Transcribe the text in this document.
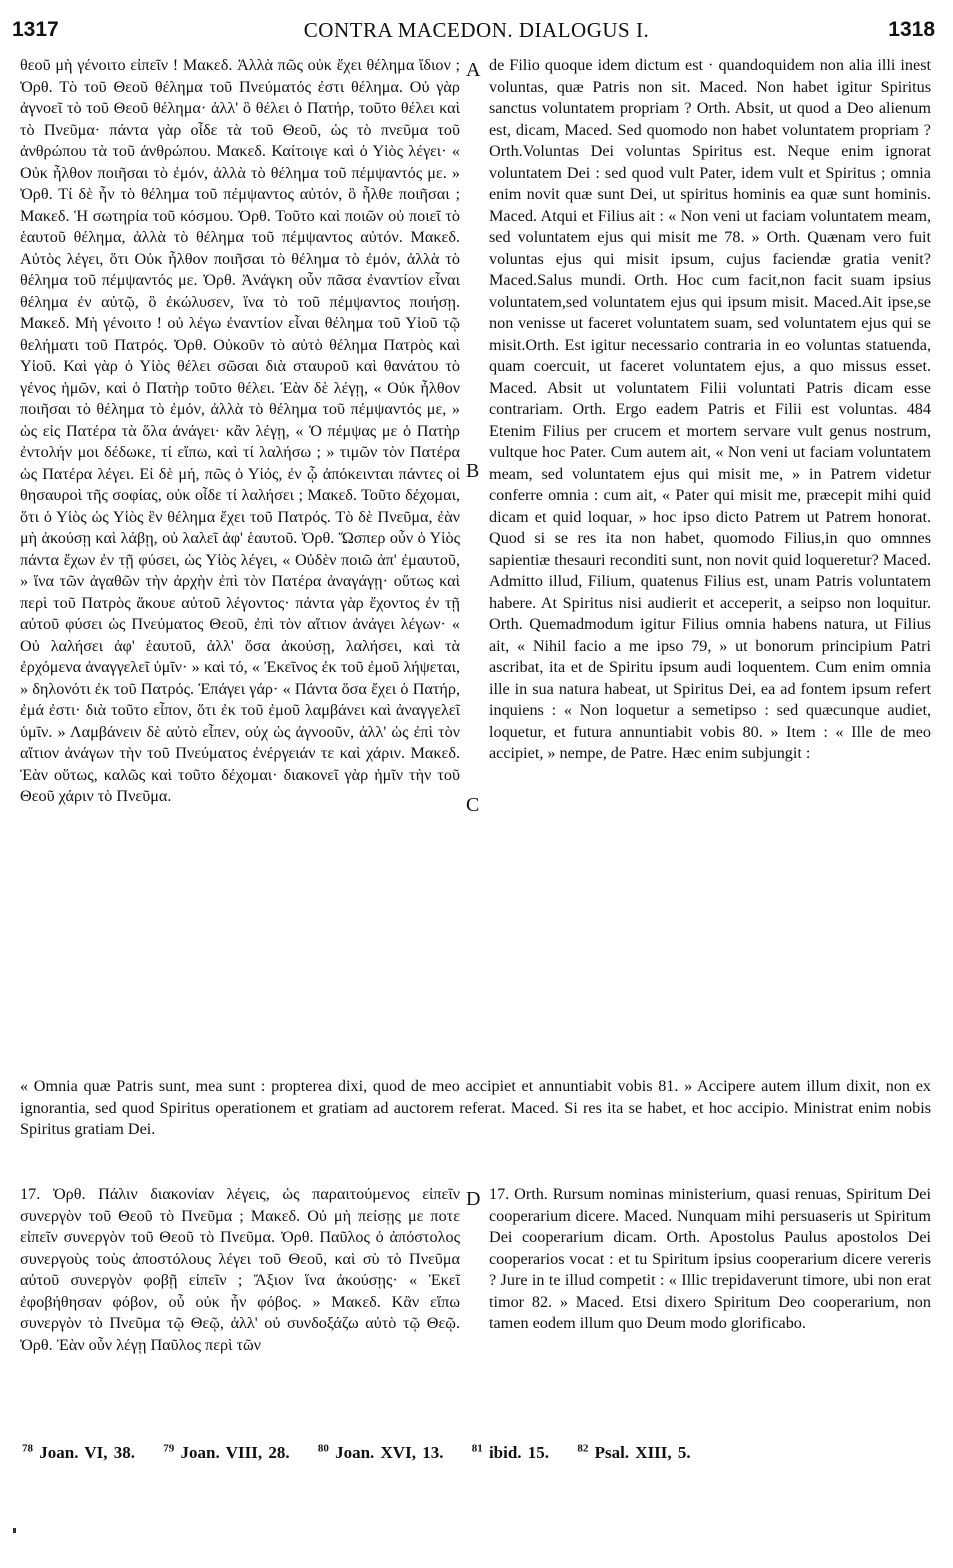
1317	CONTRA MACEDON. DIALOGUS I.	1318

θεοῦ μὴ γένοιτο εἰπεῖν ! Μακεδ. Ἀλλὰ πῶς οὐκ ἔχει θέλημα ἴδιον ; Ὀρθ. Τὸ τοῦ Θεοῦ θέλημα τοῦ Πνεύματός ἐστι θέλημα. Οὐ γὰρ ἀγνοεῖ τὸ τοῦ Θεοῦ θέλημα· ἀλλ' ὃ θέλει ὁ Πατήρ, τοῦτο θέλει καὶ τὸ Πνεῦμα· πάντα γὰρ οἶδε τὰ τοῦ Θεοῦ, ὡς τὸ πνεῦμα τοῦ ἀνθρώπου τὰ τοῦ ἀνθρώπου. Μακεδ. Καίτοιγε καὶ ὁ Υἱὸς λέγει· « Οὐκ ἦλθον ποιῆσαι τὸ ἐμόν, ἀλλὰ τὸ θέλημα τοῦ πέμψαντός με. » Ὀρθ. Τί δὲ ἦν τὸ θέλημα τοῦ πέμψαντος αὐτόν, ὃ ἦλθε ποιῆσαι ; Μακεδ. Ἡ σωτηρία τοῦ κόσμου. Ὀρθ. Τοῦτο καὶ ποιῶν οὐ ποιεῖ τὸ ἑαυτοῦ θέλημα, ἀλλὰ τὸ θέλημα τοῦ πέμψαντος αὐτόν. Μακεδ. Αὐτὸς λέγει, ὅτι Οὐκ ἦλθον ποιῆσαι τὸ θέλημα τὸ ἐμόν, ἀλλὰ τὸ θέλημα τοῦ πέμψαντός με. Ὀρθ. Ἀνάγκη οὖν πᾶσα ἐναντίον εἶναι θέλημα ἐν αὐτῷ, ὃ ἐκώλυσεν, ἵνα τὸ τοῦ πέμψαντος ποιήσῃ. Μακεδ. Μὴ γένοιτο ! οὐ λέγω ἐναντίον εἶναι θέλημα τοῦ Υἱοῦ τῷ θελήματι τοῦ Πατρός. Ὀρθ. Οὐκοῦν τὸ αὐτὸ θέλημα Πατρὸς καὶ Υἱοῦ. Καὶ γὰρ ὁ Υἱὸς θέλει σῶσαι διὰ σταυροῦ καὶ θανάτου τὸ γένος ἡμῶν, καὶ ὁ Πατὴρ τοῦτο θέλει. Ἐὰν δὲ λέγῃ, « Οὐκ ἦλθον ποιῆσαι τὸ θέλημα τὸ ἐμόν, ἀλλὰ τὸ θέλημα τοῦ πέμψαντός με, » ὡς εἰς Πατέρα τὰ ὅλα ἀνάγει· κἂν λέγῃ, « Ὁ πέμψας με ὁ Πατὴρ ἐντολήν μοι δέδωκε, τί εἴπω, καὶ τί λαλήσω ; » τιμῶν τὸν Πατέρα ὡς Πατέρα λέγει. Εἰ δὲ μή, πῶς ὁ Υἱός, ἐν ᾧ ἀπόκεινται πάντες οἱ θησαυροὶ τῆς σοφίας, οὐκ οἶδε τί λαλήσει ; Μακεδ. Τοῦτο δέχομαι, ὅτι ὁ Υἱὸς ὡς Υἱὸς ἓν θέλημα ἔχει τοῦ Πατρός. Τὸ δὲ Πνεῦμα, ἐὰν μὴ ἀκούσῃ καὶ λάβῃ, οὐ λαλεῖ ἀφ' ἑαυτοῦ. Ὀρθ. Ὥσπερ οὖν ὁ Υἱὸς πάντα ἔχων ἐν τῇ φύσει, ὡς Υἱὸς λέγει, « Οὐδὲν ποιῶ ἀπ' ἐμαυτοῦ, » ἵνα τῶν ἀγαθῶν τὴν ἀρχὴν ἐπὶ τὸν Πατέρα ἀναγάγῃ· οὕτως καὶ περὶ τοῦ Πατρὸς ἄκουε αὐτοῦ λέγοντος· πάντα γὰρ ἔχοντος ἐν τῇ αὐτοῦ φύσει ὡς Πνεύματος Θεοῦ, ἐπὶ τὸν αἴτιον ἀνάγει λέγων· « Οὐ λαλήσει ἀφ' ἑαυτοῦ, ἀλλ' ὅσα ἀκούσῃ, λαλήσει, καὶ τὰ ἐρχόμενα ἀναγγελεῖ ὑμῖν· » καὶ τό, « Ἐκεῖνος ἐκ τοῦ ἐμοῦ λήψεται, » δηλονότι ἐκ τοῦ Πατρός. Ἐπάγει γάρ· « Πάντα ὅσα ἔχει ὁ Πατήρ, ἐμά ἐστι· διὰ τοῦτο εἶπον, ὅτι ἐκ τοῦ ἐμοῦ λαμβάνει καὶ ἀναγγελεῖ ὑμῖν. » Λαμβάνειν δὲ αὐτὸ εἶπεν, οὐχ ὡς ἀγνοοῦν, ἀλλ' ὡς ἐπὶ τὸν αἴτιον ἀνάγων τὴν τοῦ Πνεύματος ἐνέργειάν τε καὶ χάριν. Μακεδ. Ἐὰν οὕτως, καλῶς καὶ τοῦτο δέχομαι· διακονεῖ γὰρ ἡμῖν τὴν τοῦ Θεοῦ χάριν τὸ Πνεῦμα.

de Filio quoque idem dictum est · quandoquidem non alia illi inest voluntas, quæ Patris non sit. Maced. Non habet igitur Spiritus sanctus voluntatem propriam ? Orth. Absit, ut quod a Deo alienum est, dicam, Maced. Sed quomodo non habet voluntatem propriam ? Orth.Voluntas Dei voluntas Spiritus est. Neque enim ignorat voluntatem Dei : sed quod vult Pater, idem vult et Spiritus ; omnia enim novit quæ sunt Dei, ut spiritus hominis ea quæ sunt hominis. Maced. Atqui et Filius ait : « Non veni ut faciam voluntatem meam, sed voluntatem ejus qui misit me 78. » Orth. Quænam vero fuit voluntas ejus qui misit ipsum, cujus faciendæ gratia venit?Maced.Salus mundi. Orth. Hoc cum facit,non facit suam ipsius voluntatem,sed voluntatem ejus qui ipsum misit. Maced.Ait ipse,se non venisse ut faceret voluntatem suam, sed voluntatem ejus qui se misit.Orth. Est igitur necessario contraria in eo voluntas statuenda, quam coercuit, ut faceret voluntatem ejus, a quo missus esset. Maced. Absit ut voluntatem Filii voluntati Patris dicam esse contrariam. Orth. Ergo eadem Patris et Filii est voluntas. 484 Etenim Filius per crucem et mortem servare vult genus nostrum, vultque hoc Pater. Cum autem ait, « Non veni ut faciam voluntatem meam, sed voluntatem ejus qui misit me, » in Patrem videtur conferre omnia : cum ait, « Pater qui misit me, præcepit mihi quid dicam et quid loquar, » hoc ipso dicto Patrem ut Patrem honorat. Quod si se res ita non habet, quomodo Filius,in quo omnnes sapientiæ thesauri reconditi sunt, non novit quid loqueretur? Maced. Admitto illud, Filium, quatenus Filius est, unam Patris voluntatem habere. At Spiritus nisi audierit et acceperit, a seipso non loquitur. Orth. Quemadmodum igitur Filius omnia habens natura, ut Filius ait, « Nihil facio a me ipso 79, » ut bonorum principium Patri ascribat, ita et de Spiritu ipsum audi loquentem. Cum enim omnia ille in sua natura habeat, ut Spiritus Dei, ea ad fontem ipsum refert inquiens : « Non loquetur a semetipso : sed quæcunque audiet, loquetur, et futura annuntiabit vobis 80. » Item : « Ille de meo accipiet, » nempe, de Patre. Hæc enim subjungit :

A
B
C
D

« Omnia quæ Patris sunt, mea sunt : propterea dixi, quod de meo accipiet et annuntiabit vobis 81. » Accipere autem illum dixit, non ex ignorantia, sed quod Spiritus operationem et gratiam ad auctorem referat. Maced. Si res ita se habet, et hoc accipio. Ministrat enim nobis Spiritus gratiam Dei.

17. Ὀρθ. Πάλιν διακονίαν λέγεις, ὡς παραιτούμενος εἰπεῖν συνεργὸν τοῦ Θεοῦ τὸ Πνεῦμα ; Μακεδ. Οὐ μὴ πείσῃς με ποτε εἰπεῖν συνεργὸν τοῦ Θεοῦ τὸ Πνεῦμα. Ὀρθ. Παῦλος ὁ ἀπόστολος συνεργοὺς τοὺς ἀποστόλους λέγει τοῦ Θεοῦ, καὶ σὺ τὸ Πνεῦμα αὐτοῦ συνεργὸν φοβῇ εἰπεῖν ; Ἄξιον ἵνα ἀκούσῃς· « Ἐκεῖ ἐφοβήθησαν φόβον, οὗ οὐκ ἦν φόβος. » Μακεδ. Κἂν εἴπω συνεργὸν τὸ Πνεῦμα τῷ Θεῷ, ἀλλ' οὐ συνδοξάζω αὐτὸ τῷ Θεῷ. Ὀρθ. Ἐὰν οὖν λέγῃ Παῦλος περὶ τῶν

17. Orth. Rursum nominas ministerium, quasi renuas, Spiritum Dei cooperarium dicere. Maced. Nunquam mihi persuaseris ut Spiritum Dei cooperarium dicam. Orth. Apostolus Paulus apostolos Dei cooperarios vocat : et tu Spiritum ipsius cooperarium dicere vereris ? Jure in te illud competit : « Illic trepidaverunt timore, ubi non erat timor 82. » Maced. Etsi dixero Spiritum Deo cooperarium, non tamen eodem illum quo Deum modo glorificabo.

$^{78}$ Joan. VI, 38.	$^{79}$ Joan. VIII, 28.	$^{80}$ Joan. XVI, 13.	$^{81}$ ibid. 15.	$^{82}$ Psal. XIII, 5.
